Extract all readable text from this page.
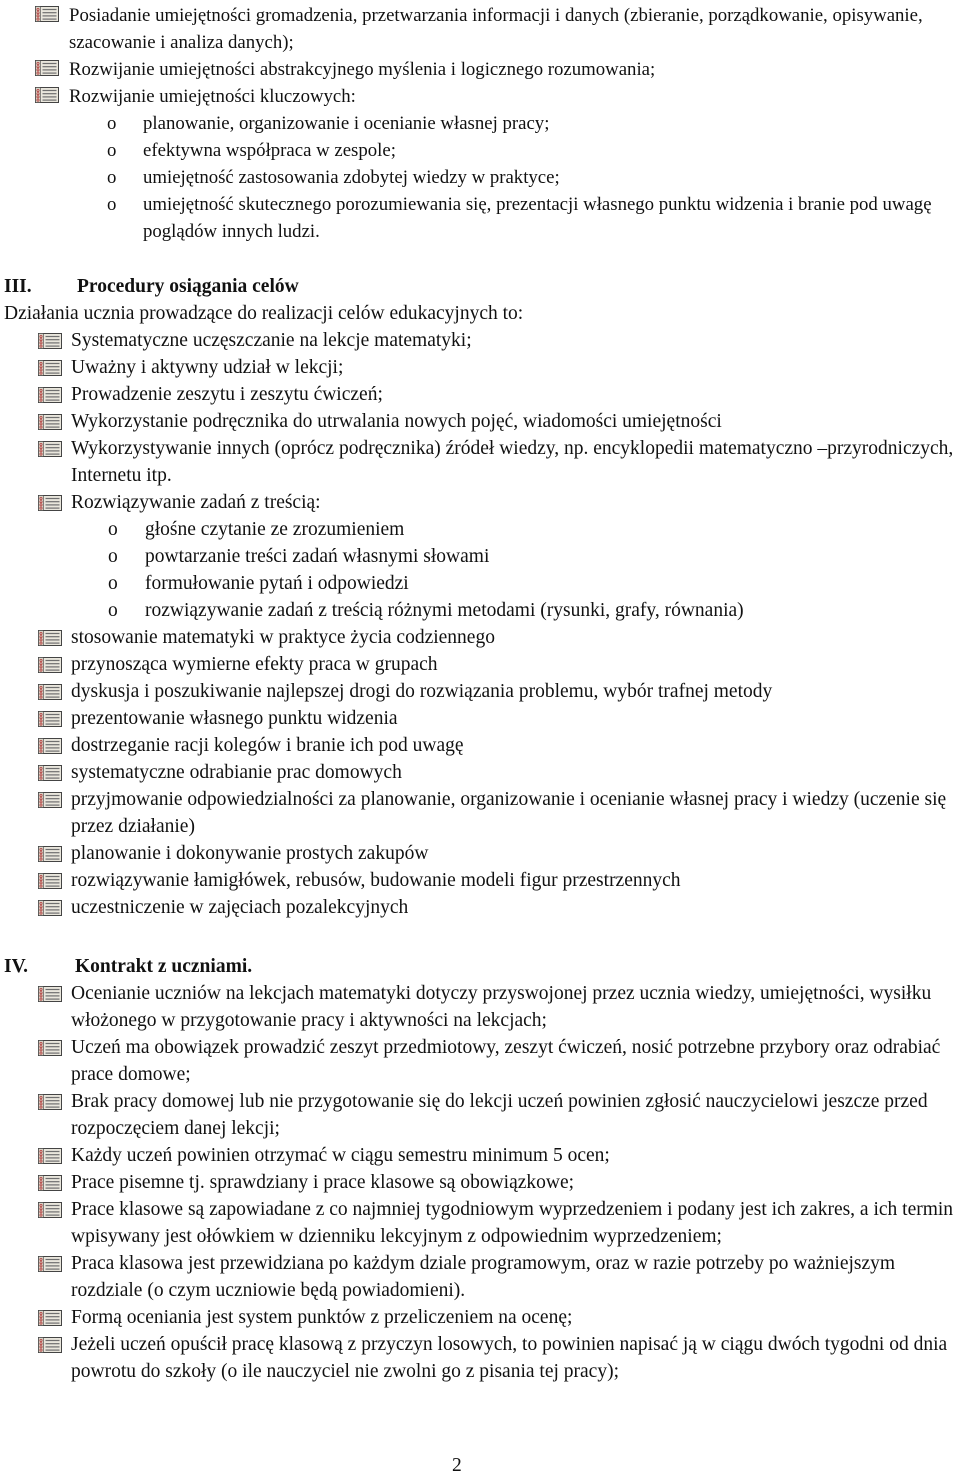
Posiadanie umiejętności gromadzenia, przetwarzania informacji i danych (zbieranie, porządkowanie, opisywanie, szacowanie i analiza danych);
Rozwijanie umiejętności abstrakcyjnego myślenia i logicznego rozumowania;
Rozwijanie umiejętności kluczowych:
o planowanie, organizowanie i ocenianie własnej pracy;
o efektywna współpraca w zespole;
o umiejętność zastosowania zdobytej wiedzy w praktyce;
o umiejętność skutecznego porozumiewania się, prezentacji własnego punktu widzenia i branie pod uwagę poglądów innych ludzi.
III. Procedury osiągania celów
Działania ucznia prowadzące do realizacji celów edukacyjnych to:
Systematyczne uczęszczanie na lekcje matematyki;
Uważny i aktywny udział w lekcji;
Prowadzenie zeszytu i zeszytu ćwiczeń;
Wykorzystanie podręcznika do utrwalania nowych pojęć, wiadomości umiejętności
Wykorzystywanie innych (oprócz podręcznika) źródeł wiedzy, np. encyklopedii matematyczno –przyrodniczych, Internetu itp.
Rozwiązywanie zadań z treścią:
o głośne czytanie ze zrozumieniem
o powtarzanie treści zadań własnymi słowami
o formułowanie pytań i odpowiedzi
o rozwiązywanie zadań z treścią różnymi metodami (rysunki, grafy, równania)
stosowanie matematyki w praktyce życia codziennego
przynosząca wymierne efekty praca w grupach
dyskusja i poszukiwanie najlepszej drogi do rozwiązania problemu, wybór trafnej metody
prezentowanie własnego punktu widzenia
dostrzeganie racji kolegów i branie ich pod uwagę
systematyczne odrabianie prac domowych
przyjmowanie odpowiedzialności za planowanie, organizowanie i ocenianie własnej pracy i wiedzy (uczenie się przez działanie)
planowanie i dokonywanie prostych zakupów
rozwiązywanie łamigłówek, rebusów, budowanie modeli figur przestrzennych
uczestniczenie w zajęciach pozalekcyjnych
IV. Kontrakt z uczniami.
Ocenianie uczniów na lekcjach matematyki dotyczy przyswojonej przez ucznia wiedzy, umiejętności, wysiłku włożonego w przygotowanie pracy i aktywności na lekcjach;
Uczeń ma obowiązek prowadzić zeszyt przedmiotowy, zeszyt ćwiczeń, nosić potrzebne przybory oraz odrabiać prace domowe;
Brak pracy domowej lub nie przygotowanie się do lekcji uczeń powinien zgłosić nauczycielowi jeszcze przed rozpoczęciem danej lekcji;
Każdy uczeń powinien otrzymać w ciągu semestru minimum 5 ocen;
Prace pisemne tj. sprawdziany i prace klasowe są obowiązkowe;
Prace klasowe są zapowiadane z co najmniej tygodniowym wyprzedzeniem i podany jest ich zakres, a ich termin wpisywany jest ołówkiem w dzienniku lekcyjnym z odpowiednim wyprzedzeniem;
Praca klasowa jest przewidziana po każdym dziale programowym, oraz w razie potrzeby po ważniejszym rozdziale (o czym uczniowie będą powiadomieni).
Formą oceniania jest system punktów z przeliczeniem na ocenę;
Jeżeli uczeń opuścił pracę klasową z przyczyn losowych, to powinien napisać ją w ciągu dwóch tygodni od dnia powrotu do szkoły (o ile nauczyciel nie zwolni go z pisania tej pracy);
2
